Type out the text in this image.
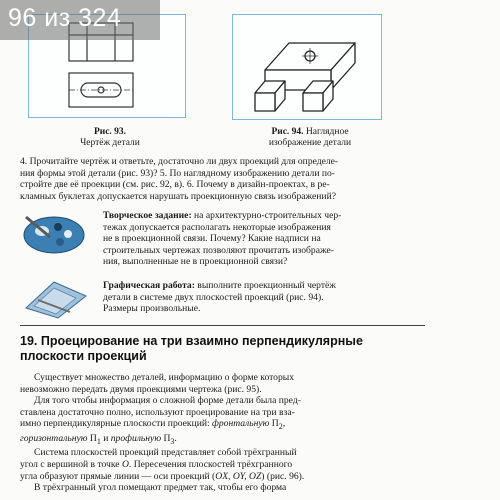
96 из 324
Рис. 93.
Чертёж детали
Рис. 94. Наглядное
изображение детали
4. Прочитайте чертёж и ответьте, достаточно ли двух проекций для определе-
ния формы этой детали (рис. 93)? 5. По наглядному изображению детали по-
стройте две её проекции (см. рис. 92, в). 6. Почему в дизайн-проектах, в ре-
кламных буклетах допускается нарушать проекционную связь изображений?
Творческое задание: на архитектурно-строительных чер-
тежах допускается располагать некоторые изображения
не в проекционной связи. Почему? Какие надписи на
строительных чертежах позволяют прочитать изображе-
ния, выполненные не в проекционной связи?
Графическая работа: выполните проекционный чертёж
детали в системе двух плоскостей проекций (рис. 94).
Размеры произвольные.
19. Проецирование на три взаимно перпендикулярные
плоскости проекций
Существует множество деталей, информацию о форме которых
невозможно передать двумя проекциями чертежа (рис. 95).
Для того чтобы информация о сложной форме детали была пред-
ставлена достаточно полно, используют проецирование на три вза-
имно перпендикулярные плоскости проекций: фронтальную $П_2$,
горизонтальную $П_1$ и профильную $П_3$.
Система плоскостей проекций представляет собой трёхгранный
угол с вершиной в точке O. Пересечения плоскостей трёхгранного
угла образуют прямые линии — оси проекций (OX, OY, OZ) (рис. 96).
В трёхгранный угол помещают предмет так, чтобы его форма
